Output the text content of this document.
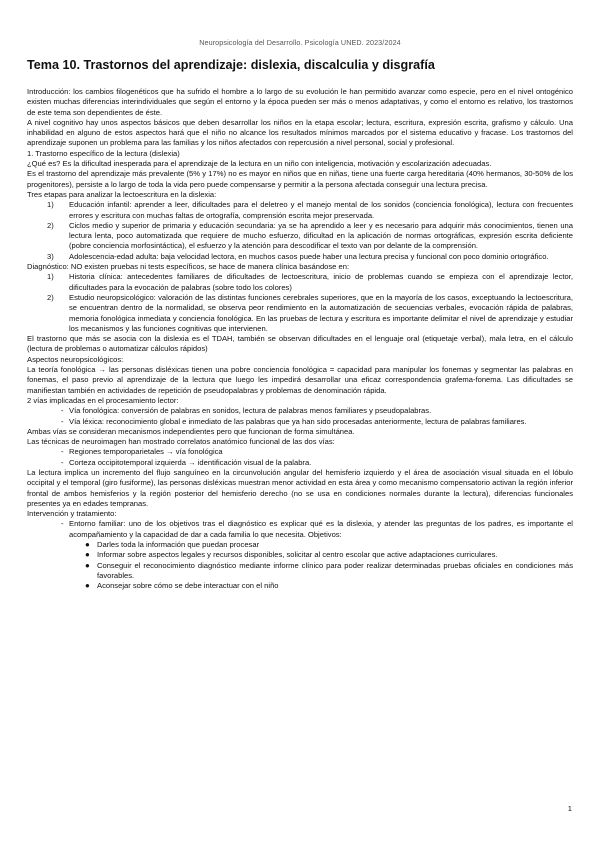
Neuropsicología del Desarrollo. Psicología UNED. 2023/2024
Tema 10. Trastornos del aprendizaje: dislexia, discalculia y disgrafía

Introducción: los cambios filogenéticos que ha sufrido el hombre a lo largo de su evolución le han permitido avanzar como especie, pero en el nivel ontogénico existen muchas diferencias interindividuales que según el entorno y la época pueden ser más o menos adaptativas, y como el entorno es relativo, los trastornos de este tema son dependientes de éste.

A nivel cognitivo hay unos aspectos básicos que deben desarrollar los niños en la etapa escolar; lectura, escritura, expresión escrita, grafismo y cálculo. Una inhabilidad en alguno de estos aspectos hará que el niño no alcance los resultados mínimos marcados por el sistema educativo y fracase. Los trastornos del aprendizaje suponen un problema para las familias y los niños afectados con repercusión a nivel personal, social y profesional.

1. Trastorno específico de la lectura (dislexia)

¿Qué es? Es la dificultad inesperada para el aprendizaje de la lectura en un niño con inteligencia, motivación y escolarización adecuadas.

Es el trastorno del aprendizaje más prevalente (5% y 17%) no es mayor en niños que en niñas, tiene una fuerte carga hereditaria (40% hermanos, 30-50% de los progenitores), persiste a lo largo de toda la vida pero puede compensarse y permitir a la persona afectada conseguir una lectura precisa.

Tres etapas para analizar la lectoescritura en la dislexia:

1) Educación infantil: aprender a leer, dificultades para el deletreo y el manejo mental de los sonidos (conciencia fonológica), lectura con frecuentes errores y escritura con muchas faltas de ortografía, comprensión escrita mejor preservada.
2) Ciclos medio y superior de primaria y educación secundaria: ya se ha aprendido a leer y es necesario para adquirir más conocimientos, tienen una lectura lenta, poco automatizada que requiere de mucho esfuerzo, dificultad en la aplicación de normas ortográficas, expresión escrita deficiente (pobre conciencia morfosintáctica), el esfuerzo y la atención para descodificar el texto van por delante de la comprensión.
3) Adolescencia-edad adulta: baja velocidad lectora, en muchos casos puede haber una lectura precisa y funcional con poco dominio ortográfico.

Diagnóstico: NO existen pruebas ni tests específicos, se hace de manera clínica basándose en:

1) Historia clínica: antecedentes familiares de dificultades de lectoescritura, inicio de problemas cuando se empieza con el aprendizaje lector, dificultades para la evocación de palabras (sobre todo los colores)
2) Estudio neuropsicológico: valoración de las distintas funciones cerebrales superiores, que en la mayoría de los casos, exceptuando la lectoescritura, se encuentran dentro de la normalidad, se observa peor rendimiento en la automatización de secuencias verbales, evocación rápida de palabras, memoria fonológica inmediata y conciencia fonológica. En las pruebas de lectura y escritura es importante delimitar el nivel de aprendizaje y estudiar los mecanismos y las funciones cognitivas que intervienen.

El trastorno que más se asocia con la dislexia es el TDAH, también se observan dificultades en el lenguaje oral (etiquetaje verbal), mala letra, en el cálculo (lectura de problemas o automatizar cálculos rápidos)

Aspectos neuropsicológicos:

La teoría fonológica → las personas disléxicas tienen una pobre conciencia fonológica = capacidad para manipular los fonemas y segmentar las palabras en fonemas, el paso previo al aprendizaje de la lectura que luego les impedirá desarrollar una eficaz correspondencia grafema-fonema. Las dificultades se manifiestan también en actividades de repetición de pseudopalabras y problemas de denominación rápida.

2 vías implicadas en el procesamiento lector:

- Vía fonológica: conversión de palabras en sonidos, lectura de palabras menos familiares y pseudopalabras.
- Vía léxica: reconocimiento global e inmediato de las palabras que ya han sido procesadas anteriormente, lectura de palabras familiares.

Ambas vías se consideran mecanismos independientes pero que funcionan de forma simultánea.

Las técnicas de neuroimagen han mostrado correlatos anatómico funcional de las dos vías:

- Regiones temporoparietales → vía fonológica
- Corteza occipitotemporal izquierda → identificación visual de la palabra.

La lectura implica un incremento del flujo sanguíneo en la circunvolución angular del hemisferio izquierdo y el área de asociación visual situada en el lóbulo occipital y el temporal (giro fusiforme), las personas disléxicas muestran menor actividad en esta área y como mecanismo compensatorio activan la región inferior frontal de ambos hemisferios y la región posterior del hemisferio derecho (no se usa en condiciones normales durante la lectura), diferencias funcionales presentes ya en edades tempranas.

Intervención y tratamiento:

- Entorno familiar: uno de los objetivos tras el diagnóstico es explicar qué es la dislexia, y atender las preguntas de los padres, es importante el acompañamiento y la capacidad de dar a cada familia lo que necesita. Objetivos:
● Darles toda la información que puedan procesar
● Informar sobre aspectos legales y recursos disponibles, solicitar al centro escolar que active adaptaciones curriculares.
● Conseguir el reconocimiento diagnóstico mediante informe clínico para poder realizar determinadas pruebas oficiales en condiciones más favorables.
● Aconsejar sobre cómo se debe interactuar con el niño
1
